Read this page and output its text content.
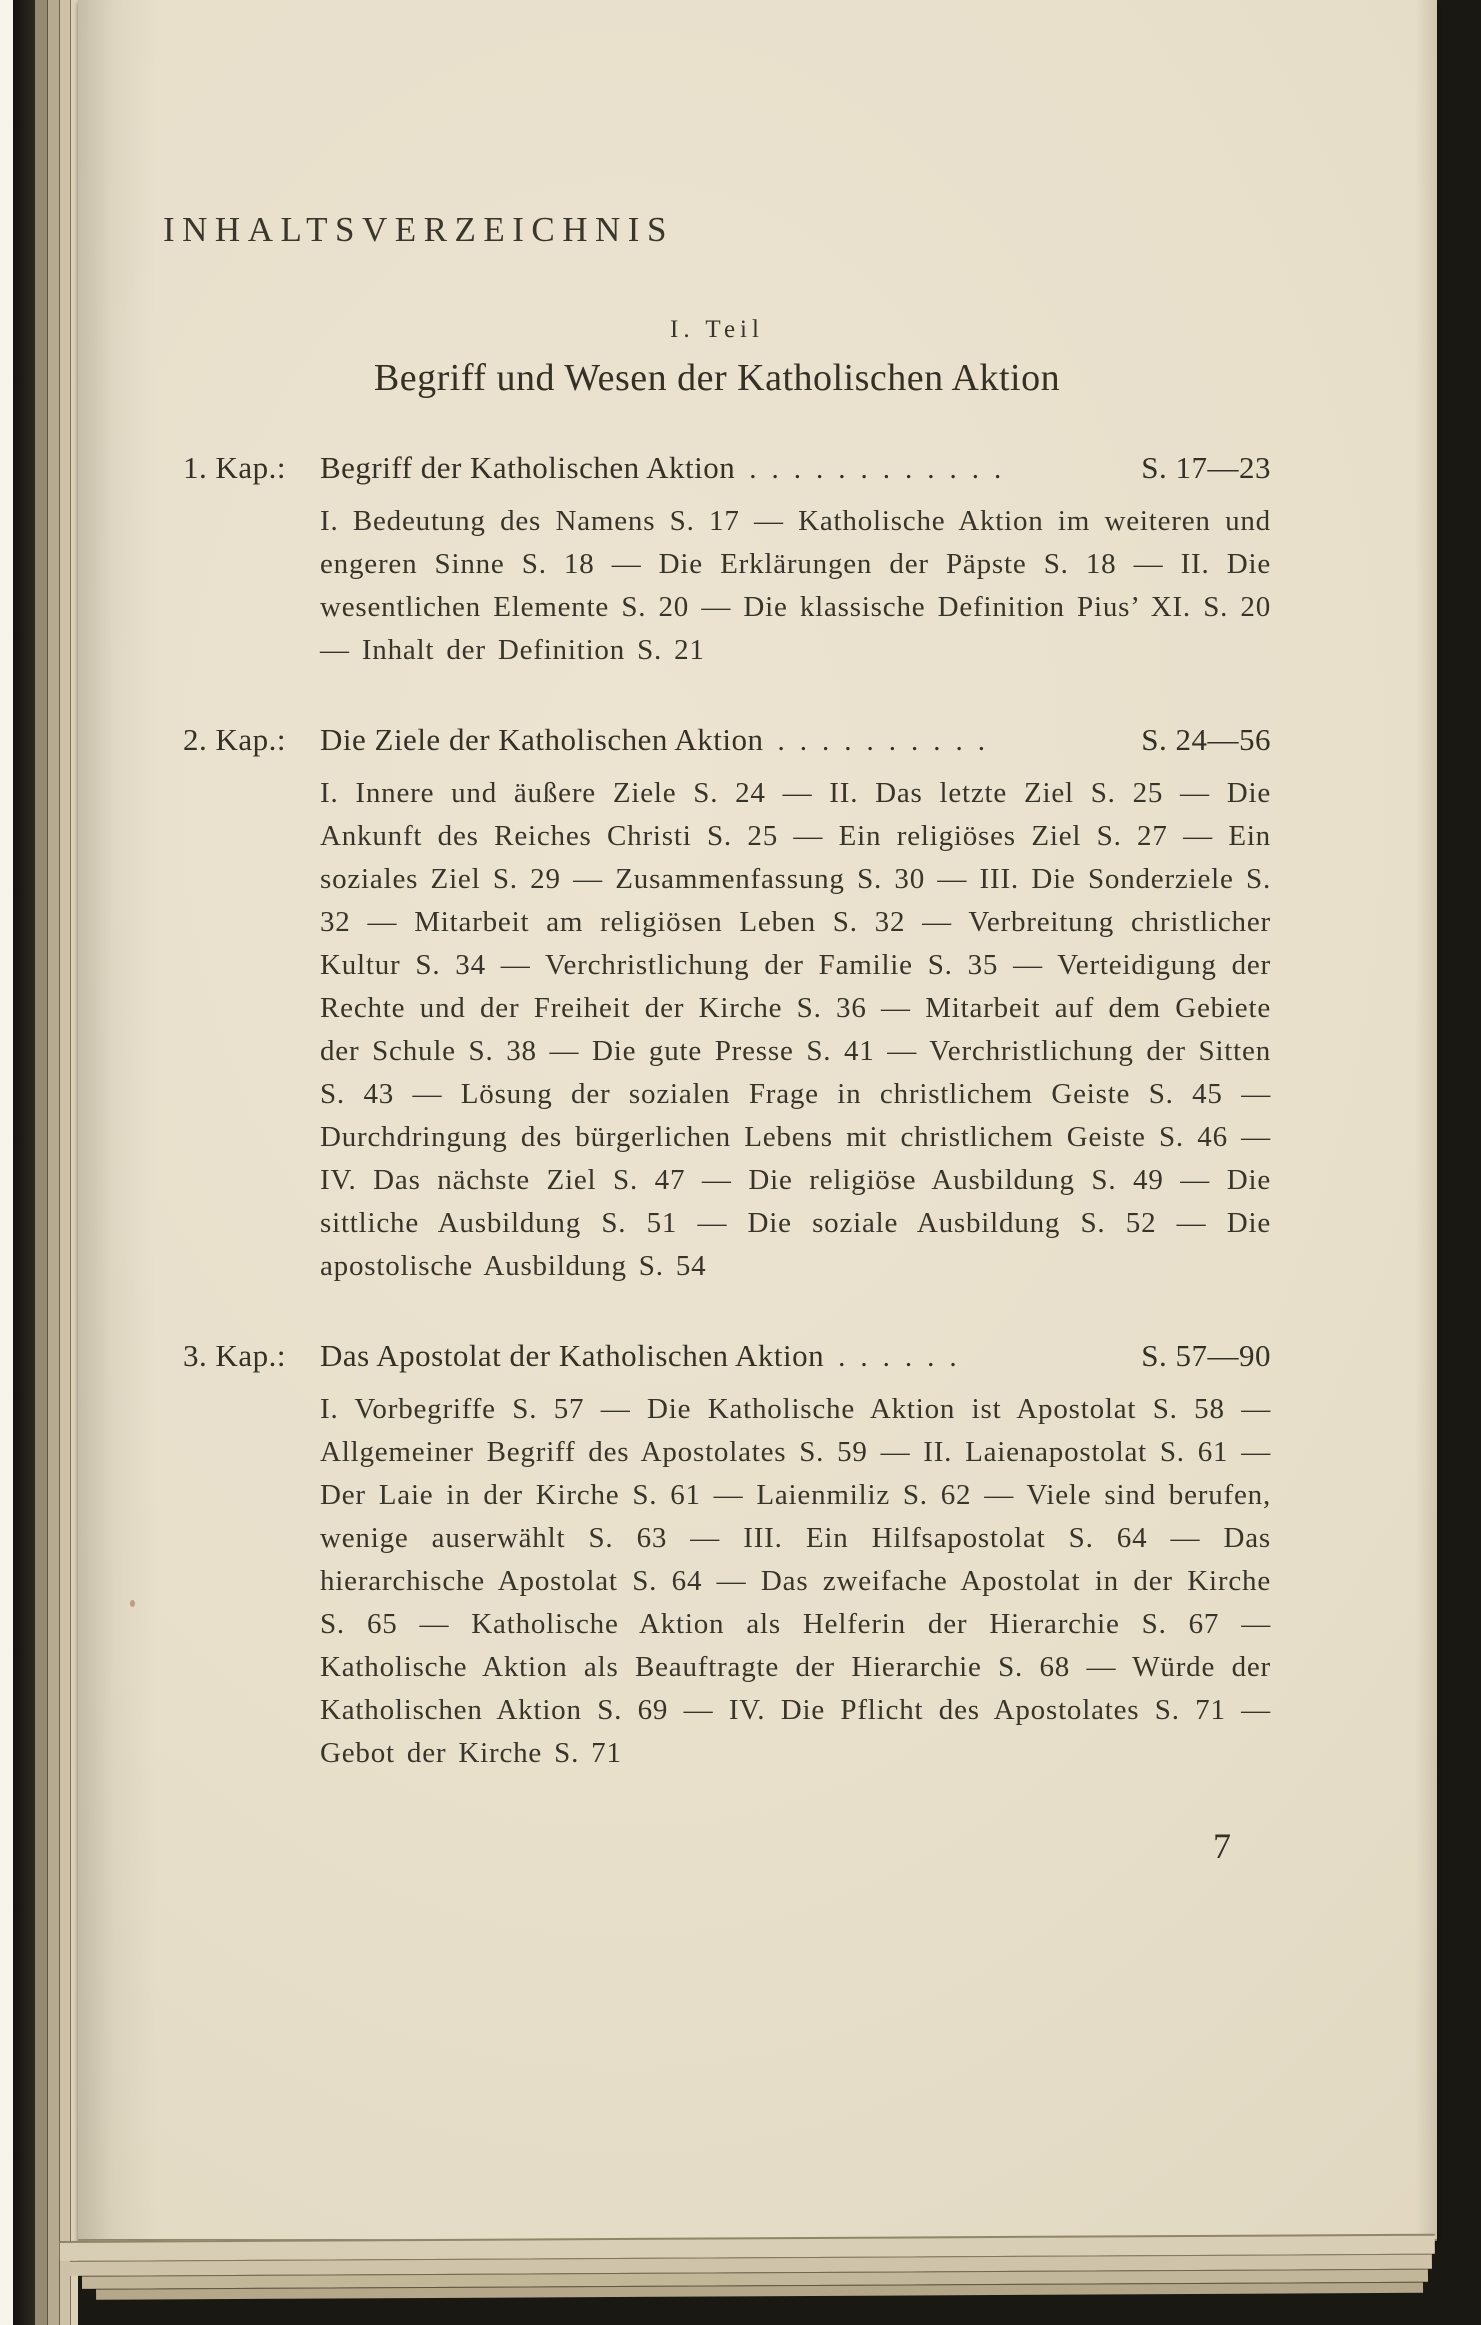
INHALTSVERZEICHNIS
I. Teil
Begriff und Wesen der Katholischen Aktion
1. Kap.:	Begriff der Katholischen Aktion ............	S. 17—23

I. Bedeutung des Namens S. 17 — Katholische Aktion im weiteren und engeren Sinne S. 18 — Die Erklärungen der Päpste S. 18 — II. Die wesentlichen Elemente S. 20 — Die klassische Definition Pius’ XI. S. 20 — Inhalt der Definition S. 21

2. Kap.:	Die Ziele der Katholischen Aktion ..........	S. 24—56

I. Innere und äußere Ziele S. 24 — II. Das letzte Ziel S. 25 — Die Ankunft des Reiches Christi S. 25 — Ein religiöses Ziel S. 27 — Ein soziales Ziel S. 29 — Zusammenfassung S. 30 — III. Die Sonderziele S. 32 — Mitarbeit am religiösen Leben S. 32 — Verbreitung christlicher Kultur S. 34 — Verchristlichung der Familie S. 35 — Verteidigung der Rechte und der Freiheit der Kirche S. 36 — Mitarbeit auf dem Gebiete der Schule S. 38 — Die gute Presse S. 41 — Verchristlichung der Sitten S. 43 — Lösung der sozialen Frage in christlichem Geiste S. 45 — Durchdringung des bürgerlichen Lebens mit christlichem Geiste S. 46 — IV. Das nächste Ziel S. 47 — Die religiöse Ausbildung S. 49 — Die sittliche Ausbildung S. 51 — Die soziale Ausbildung S. 52 — Die apostolische Ausbildung S. 54

3. Kap.:	Das Apostolat der Katholischen Aktion ......	S. 57—90

I. Vorbegriffe S. 57 — Die Katholische Aktion ist Apostolat S. 58 — Allgemeiner Begriff des Apostolates S. 59 — II. Laienapostolat S. 61 — Der Laie in der Kirche S. 61 — Laienmiliz S. 62 — Viele sind berufen, wenige auserwählt S. 63 — III. Ein Hilfsapostolat S. 64 — Das hierarchische Apostolat S. 64 — Das zweifache Apostolat in der Kirche S. 65 — Katholische Aktion als Helferin der Hierarchie S. 67 — Katholische Aktion als Beauftragte der Hierarchie S. 68 — Würde der Katholischen Aktion S. 69 — IV. Die Pflicht des Apostolates S. 71 — Gebot der Kirche S. 71

7
